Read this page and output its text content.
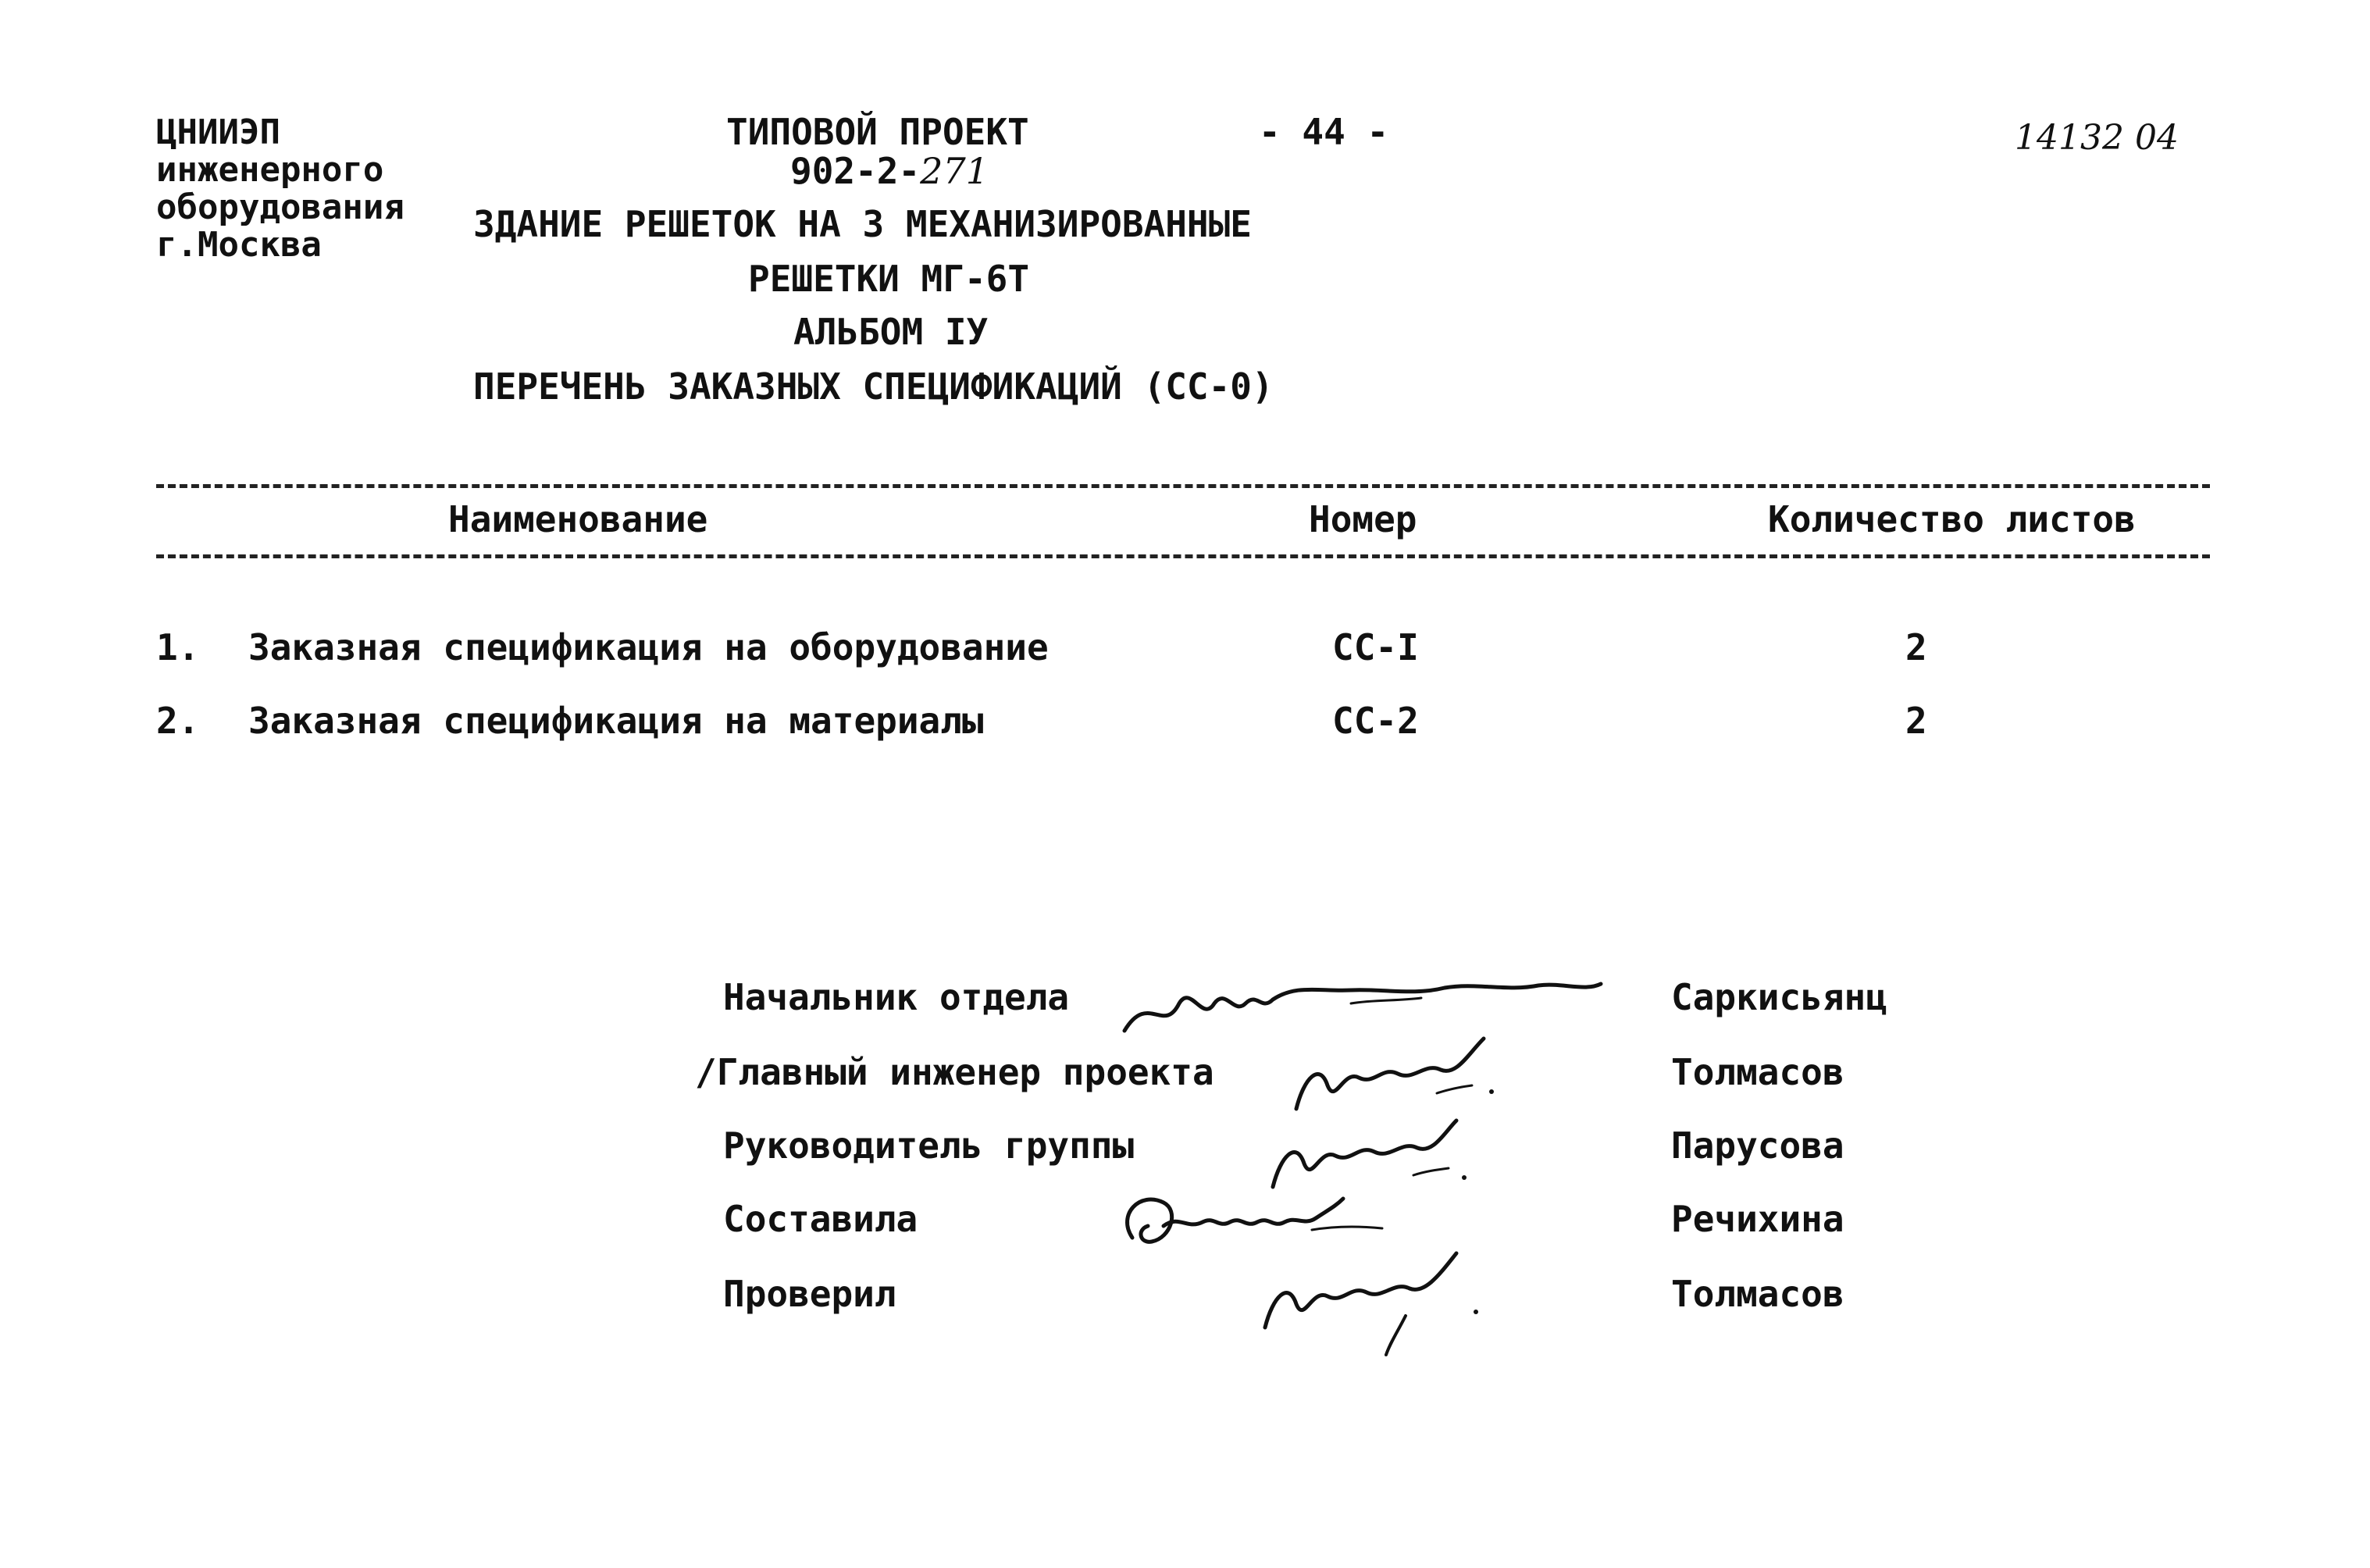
ЦНИИЭП
инженерного
оборудования
г.Москва
ТИПОВОЙ ПРОЕКТ
902-2-271
- 44 -	14132 04
ЗДАНИЕ РЕШЕТОК НА 3 МЕХАНИЗИРОВАННЫЕ
РЕШЕТКИ МГ-6Т
АЛЬБОМ IУ
ПЕРЕЧЕНЬ ЗАКАЗНЫХ СПЕЦИФИКАЦИЙ (СС-0)
Наименование	Номер	Количество листов
1. Заказная спецификация на оборудование	СС-I	2
2. Заказная спецификация на материалы	СС-2	2
Начальник отдела	Саркисьянц
/Главный инженер проекта	Толмасов
Руководитель группы	Парусова
Составила	Речихина
Проверил	Толмасов
